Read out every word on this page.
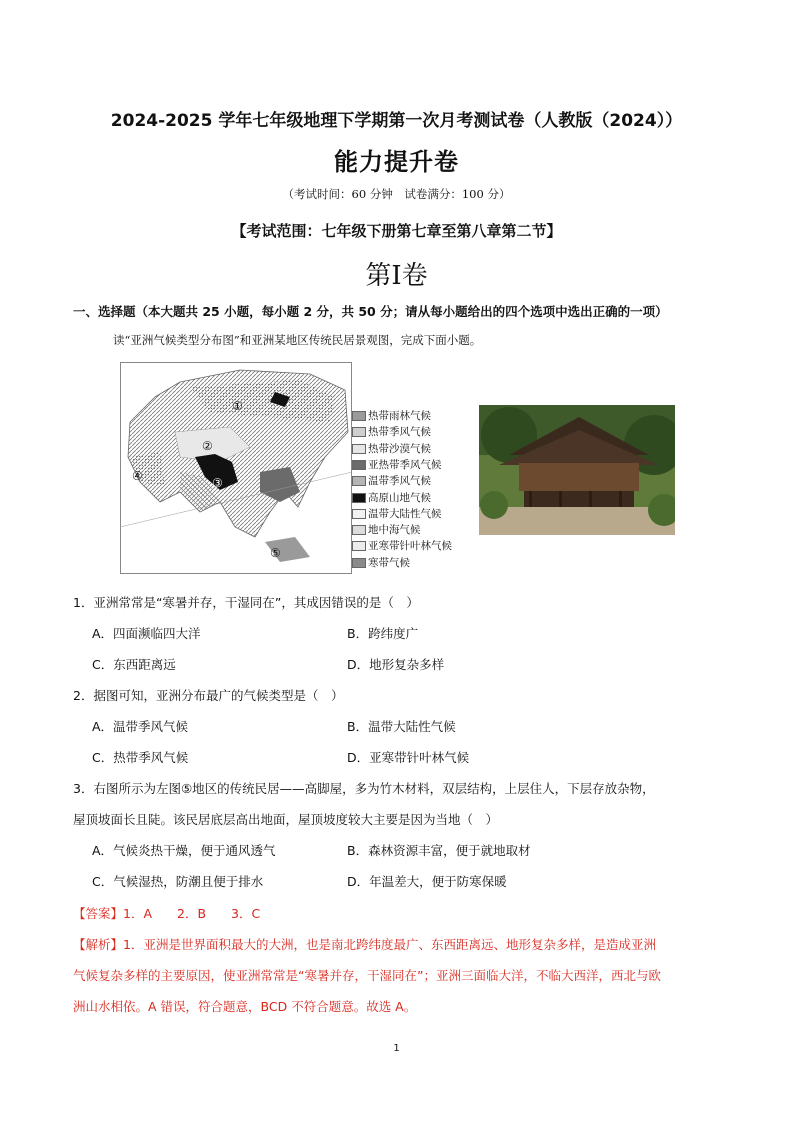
2024-2025 学年七年级地理下学期第一次月考测试卷（人教版（2024））
能力提升卷
（考试时间：60 分钟　试卷满分：100 分）
【考试范围：七年级下册第七章至第八章第二节】
第Ⅰ卷
一、选择题（本大题共 25 小题，每小题 2 分，共 50 分；请从每小题给出的四个选项中选出正确的一项）
读“亚洲气候类型分布图”和亚洲某地区传统民居景观图，完成下面小题。
①
②
③
④
⑤
热带雨林气候
热带季风气候
热带沙漠气候
亚热带季风气候
温带季风气候
高原山地气候
温带大陆性气候
地中海气候
亚寒带针叶林气候
寒带气候
1．亚洲常常是“寒暑并存，干湿同在”，其成因错误的是（　）
A．四面濒临四大洋	B．跨纬度广
C．东西距离远	D．地形复杂多样
2．据图可知，亚洲分布最广的气候类型是（　）
A．温带季风气候	B．温带大陆性气候
C．热带季风气候	D．亚寒带针叶林气候
3．右图所示为左图⑤地区的传统民居——高脚屋，多为竹木材料，双层结构，上层住人，下层存放杂物，
屋顶坡面长且陡。该民居底层高出地面，屋顶坡度较大主要是因为当地（　）
A．气候炎热干燥，便于通风透气	B．森林资源丰富，便于就地取材
C．气候湿热，防潮且便于排水	D．年温差大，便于防寒保暖
【答案】1．A　　2．B　　3．C
【解析】1．亚洲是世界面积最大的大洲，也是南北跨纬度最广、东西距离远、地形复杂多样，是造成亚洲
气候复杂多样的主要原因，使亚洲常常是“寒暑并存，干湿同在”；亚洲三面临大洋，不临大西洋，西北与欧
洲山水相依。A 错误，符合题意，BCD 不符合题意。故选 A。
1
